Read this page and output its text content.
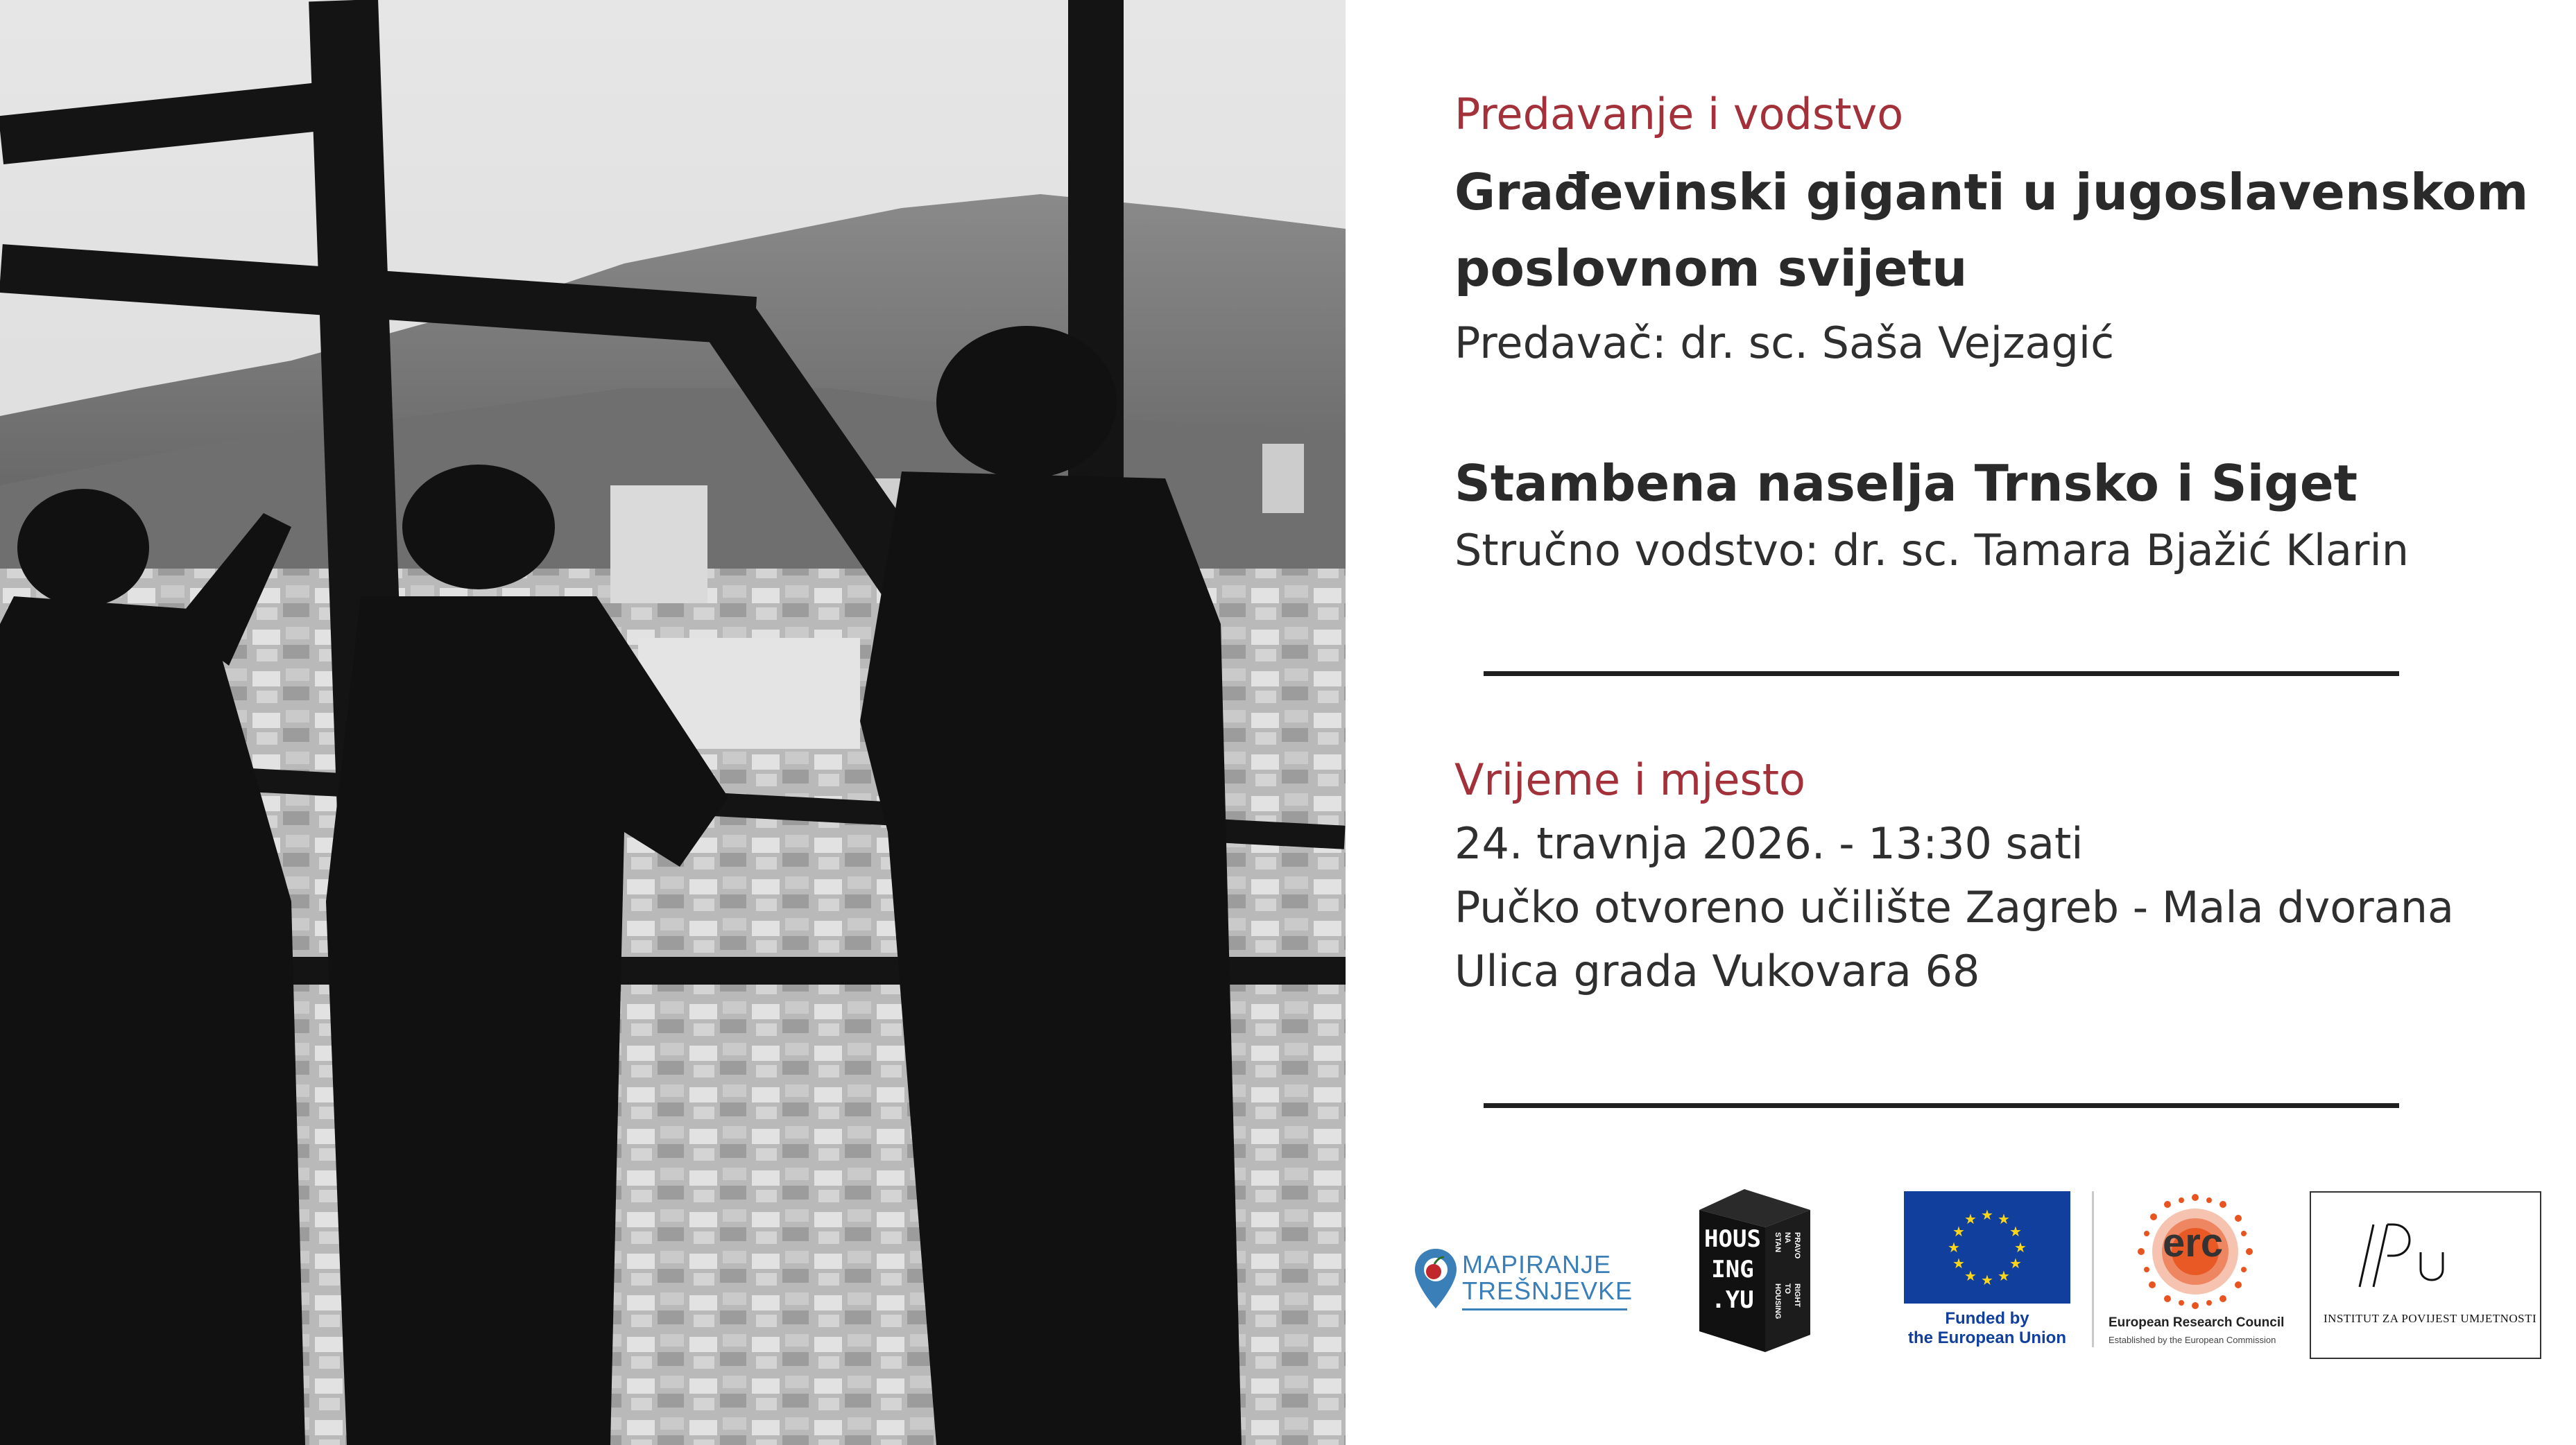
Predavanje i vodstvo
Građevinski giganti u jugoslavenskom
poslovnom svijetu
Predavač: dr. sc. Saša Vejzagić
Stambena naselja Trnsko i Siget
Stručno vodstvo: dr. sc. Tamara Bjažić Klarin
Vrijeme i mjesto
24. travnja 2026. - 13:30 sati
Pučko otvoreno učilište Zagreb - Mala dvorana
Ulica grada Vukovara 68
MAPIRANJE
TREŠNJEVKE
HOUS
ING
.YU
PRAVO
NA
STAN
RIGHT
TO
HOUSING
★ ★
★
★
★
★
★
★
★
★
★
★
Funded by
the European Union
erc
European Research Council
Established by the European Commission
INSTITUT ZA POVIJEST UMJETNOSTI
